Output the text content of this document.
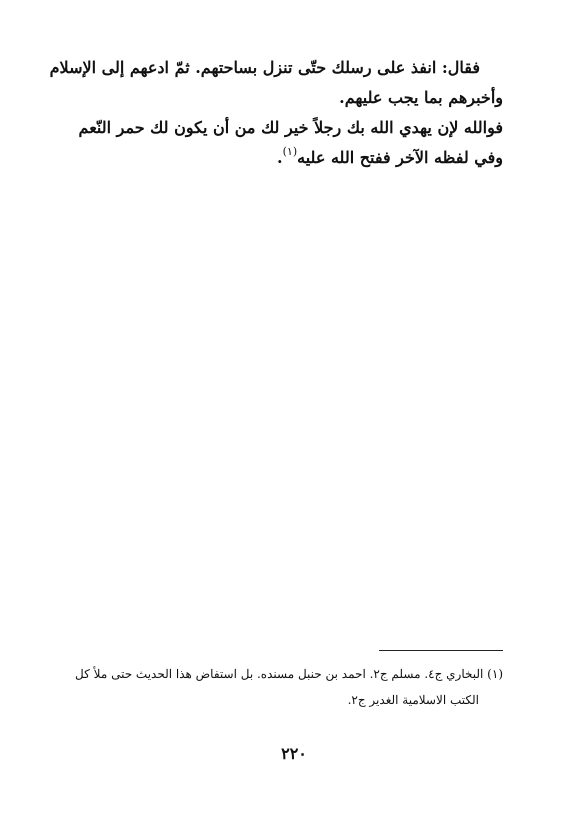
فقال: انفذ على رسلك حتّى تنزل بساحتهم. ثمّ ادعهم إلى الإسلام
وأخبرهم بما يجب عليهم.
فوالله لإن يهدي الله بك رجلاً خير لك من أن يكون لك حمر النّعم
وفي لفظه الآخر ففتح الله عليه$^{(١)}$.
(١) البخاري ج٤. مسلم ج٢. احمد بن حنبل مسنده. بل استفاض هذا الحديث حتى ملأ كل
الكتب الاسلامية الغدير ج٢.
٢٢٠
